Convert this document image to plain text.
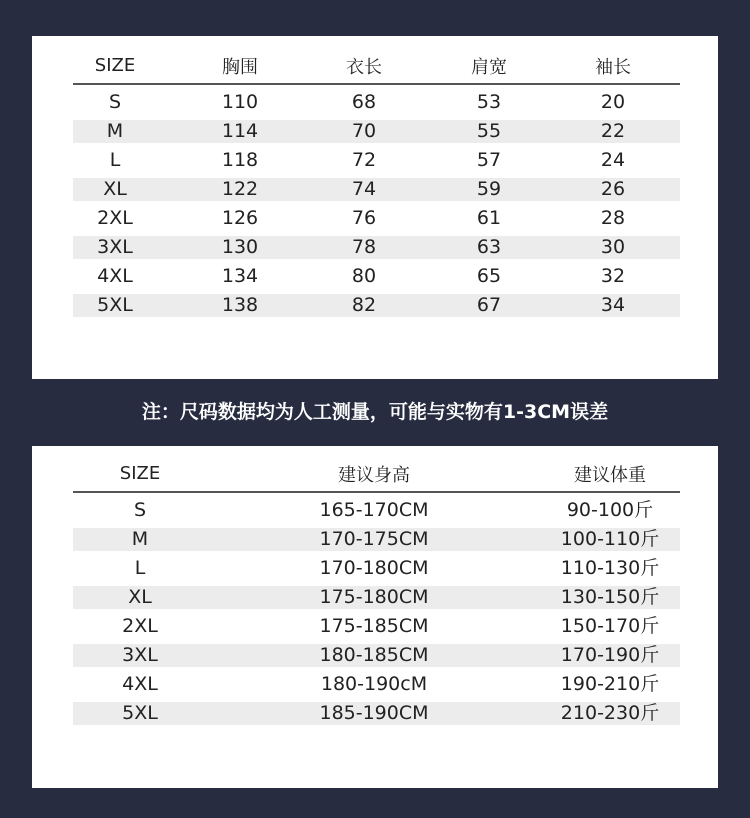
SIZE	胸围	衣长	肩宽	袖长
S	110	68	53	20
M	114	70	55	22
L	118	72	57	24
XL	122	74	59	26
2XL	126	76	61	28
3XL	130	78	63	30
4XL	134	80	65	32
5XL	138	82	67	34
注：尺码数据均为人工测量，可能与实物有1-3CM误差
SIZE	建议身高	建议体重
S	165-170CM	90-100斤
M	170-175CM	100-110斤
L	170-180CM	110-130斤
XL	175-180CM	130-150斤
2XL	175-185CM	150-170斤
3XL	180-185CM	170-190斤
4XL	180-190cM	190-210斤
5XL	185-190CM	210-230斤
